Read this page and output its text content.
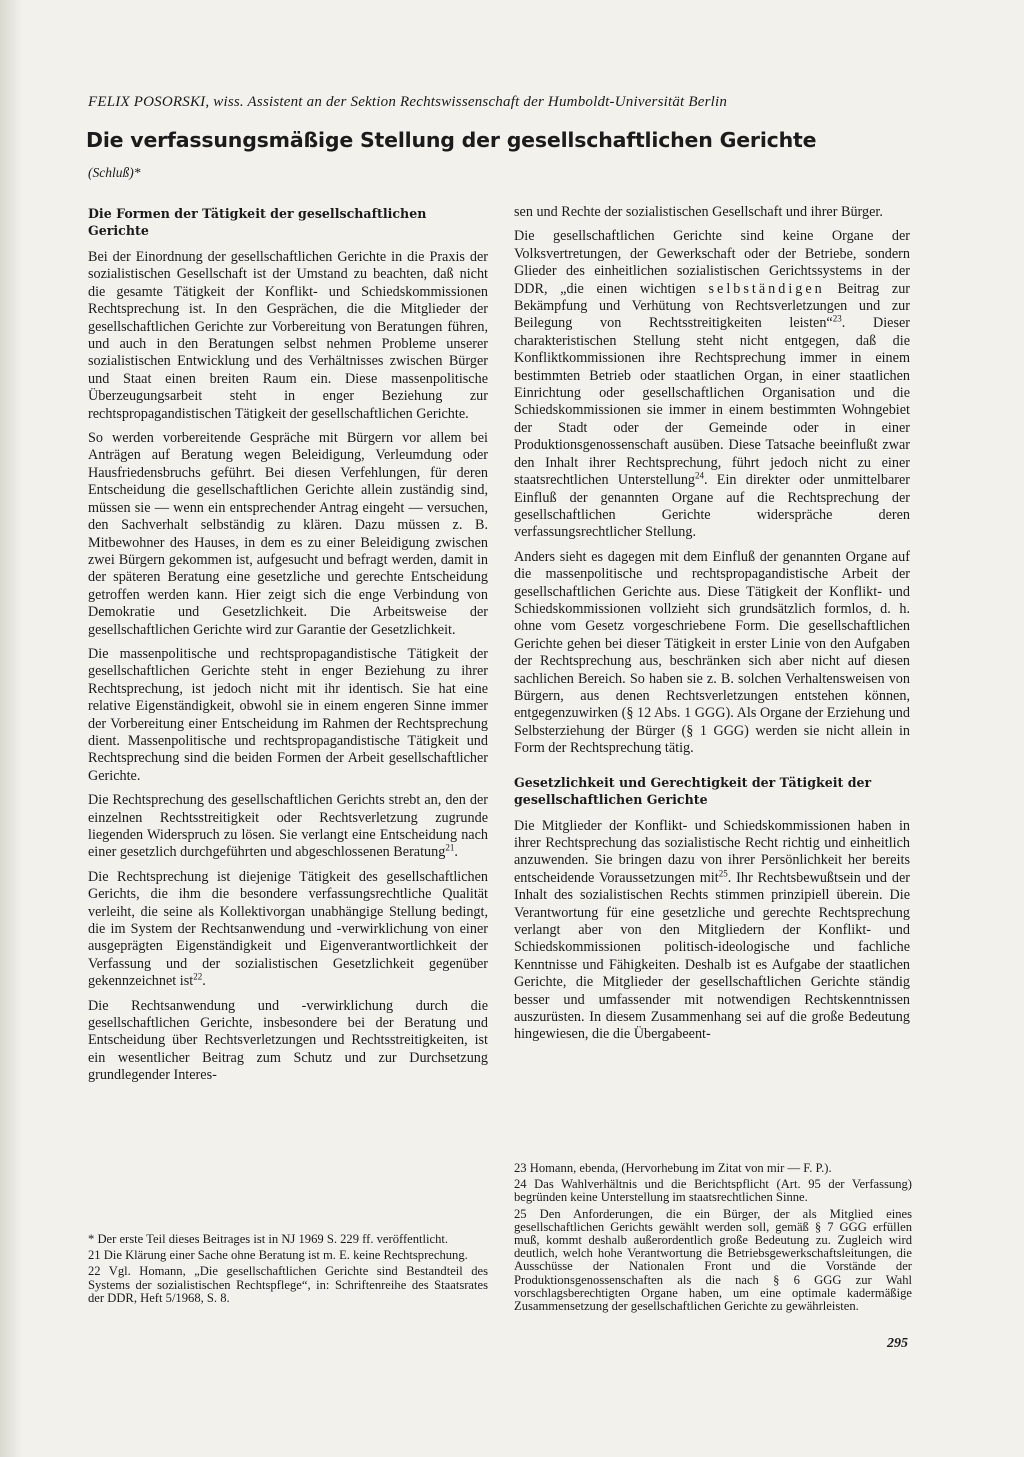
FELIX POSORSKI, wiss. Assistent an der Sektion Rechtswissenschaft der Humboldt-Universität Berlin
Die verfassungsmäßige Stellung der gesellschaftlichen Gerichte
(Schluß)*
Die Formen der Tätigkeit der gesellschaftlichen Gerichte

Bei der Einordnung der gesellschaftlichen Gerichte in die Praxis der sozialistischen Gesellschaft ist der Umstand zu beachten, daß nicht die gesamte Tätigkeit der Konflikt- und Schiedskommissionen Rechtsprechung ist. In den Gesprächen, die die Mitglieder der gesellschaftlichen Gerichte zur Vorbereitung von Beratungen führen, und auch in den Beratungen selbst nehmen Probleme unserer sozialistischen Entwicklung und des Verhältnisses zwischen Bürger und Staat einen breiten Raum ein. Diese massenpolitische Überzeugungsarbeit steht in enger Beziehung zur rechtspropagandistischen Tätigkeit der gesellschaftlichen Gerichte.

So werden vorbereitende Gespräche mit Bürgern vor allem bei Anträgen auf Beratung wegen Beleidigung, Verleumdung oder Hausfriedensbruchs geführt. Bei diesen Verfehlungen, für deren Entscheidung die gesellschaftlichen Gerichte allein zuständig sind, müssen sie — wenn ein entsprechender Antrag eingeht — versuchen, den Sachverhalt selbständig zu klären. Dazu müssen z. B. Mitbewohner des Hauses, in dem es zu einer Beleidigung zwischen zwei Bürgern gekommen ist, aufgesucht und befragt werden, damit in der späteren Beratung eine gesetzliche und gerechte Entscheidung getroffen werden kann. Hier zeigt sich die enge Verbindung von Demokratie und Gesetzlichkeit. Die Arbeitsweise der gesellschaftlichen Gerichte wird zur Garantie der Gesetzlichkeit.

Die massenpolitische und rechtspropagandistische Tätigkeit der gesellschaftlichen Gerichte steht in enger Beziehung zu ihrer Rechtsprechung, ist jedoch nicht mit ihr identisch. Sie hat eine relative Eigenständigkeit, obwohl sie in einem engeren Sinne immer der Vorbereitung einer Entscheidung im Rahmen der Rechtsprechung dient. Massenpolitische und rechtspropagandistische Tätigkeit und Rechtsprechung sind die beiden Formen der Arbeit gesellschaftlicher Gerichte.

Die Rechtsprechung des gesellschaftlichen Gerichts strebt an, den der einzelnen Rechtsstreitigkeit oder Rechtsverletzung zugrunde liegenden Widerspruch zu lösen. Sie verlangt eine Entscheidung nach einer gesetzlich durchgeführten und abgeschlossenen Beratung$^{21}$.

Die Rechtsprechung ist diejenige Tätigkeit des gesellschaftlichen Gerichts, die ihm die besondere verfassungsrechtliche Qualität verleiht, die seine als Kollektivorgan unabhängige Stellung bedingt, die im System der Rechtsanwendung und -verwirklichung von einer ausgeprägten Eigenständigkeit und Eigenverantwortlichkeit der Verfassung und der sozialistischen Gesetzlichkeit gegenüber gekennzeichnet ist$^{22}$.

Die Rechtsanwendung und -verwirklichung durch die gesellschaftlichen Gerichte, insbesondere bei der Beratung und Entscheidung über Rechtsverletzungen und Rechtsstreitigkeiten, ist ein wesentlicher Beitrag zum Schutz und zur Durchsetzung grundlegender Interes-

* Der erste Teil dieses Beitrages ist in NJ 1969 S. 229 ff. veröffentlicht.

21 Die Klärung einer Sache ohne Beratung ist m. E. keine Rechtsprechung.

22 Vgl. Homann, „Die gesellschaftlichen Gerichte sind Bestandteil des Systems der sozialistischen Rechtspflege“, in: Schriftenreihe des Staatsrates der DDR, Heft 5/1968, S. 8.

sen und Rechte der sozialistischen Gesellschaft und ihrer Bürger.

Die gesellschaftlichen Gerichte sind keine Organe der Volksvertretungen, der Gewerkschaft oder der Betriebe, sondern Glieder des einheitlichen sozialistischen Gerichtssystems in der DDR, „die einen wichtigen selbständigen Beitrag zur Bekämpfung und Verhütung von Rechtsverletzungen und zur Beilegung von Rechtsstreitigkeiten leisten“$^{23}$. Dieser charakteristischen Stellung steht nicht entgegen, daß die Konfliktkommissionen ihre Rechtsprechung immer in einem bestimmten Betrieb oder staatlichen Organ, in einer staatlichen Einrichtung oder gesellschaftlichen Organisation und die Schiedskommissionen sie immer in einem bestimmten Wohngebiet der Stadt oder der Gemeinde oder in einer Produktionsgenossenschaft ausüben. Diese Tatsache beeinflußt zwar den Inhalt ihrer Rechtsprechung, führt jedoch nicht zu einer staatsrechtlichen Unterstellung$^{24}$. Ein direkter oder unmittelbarer Einfluß der genannten Organe auf die Rechtsprechung der gesellschaftlichen Gerichte widerspräche deren verfassungsrechtlicher Stellung.

Anders sieht es dagegen mit dem Einfluß der genannten Organe auf die massenpolitische und rechtspropagandistische Arbeit der gesellschaftlichen Gerichte aus. Diese Tätigkeit der Konflikt- und Schiedskommissionen vollzieht sich grundsätzlich formlos, d. h. ohne vom Gesetz vorgeschriebene Form. Die gesellschaftlichen Gerichte gehen bei dieser Tätigkeit in erster Linie von den Aufgaben der Rechtsprechung aus, beschränken sich aber nicht auf diesen sachlichen Bereich. So haben sie z. B. solchen Verhaltensweisen von Bürgern, aus denen Rechtsverletzungen entstehen können, entgegenzuwirken (§ 12 Abs. 1 GGG). Als Organe der Erziehung und Selbsterziehung der Bürger (§ 1 GGG) werden sie nicht allein in Form der Rechtsprechung tätig.

Gesetzlichkeit und Gerechtigkeit der Tätigkeit der gesellschaftlichen Gerichte

Die Mitglieder der Konflikt- und Schiedskommissionen haben in ihrer Rechtsprechung das sozialistische Recht richtig und einheitlich anzuwenden. Sie bringen dazu von ihrer Persönlichkeit her bereits entscheidende Voraussetzungen mit$^{25}$. Ihr Rechtsbewußtsein und der Inhalt des sozialistischen Rechts stimmen prinzipiell überein. Die Verantwortung für eine gesetzliche und gerechte Rechtsprechung verlangt aber von den Mitgliedern der Konflikt- und Schiedskommissionen politisch-ideologische und fachliche Kenntnisse und Fähigkeiten. Deshalb ist es Aufgabe der staatlichen Gerichte, die Mitglieder der gesellschaftlichen Gerichte ständig besser und umfassender mit notwendigen Rechtskenntnissen auszurüsten. In diesem Zusammenhang sei auf die große Bedeutung hingewiesen, die die Übergabeent-

23 Homann, ebenda, (Hervorhebung im Zitat von mir — F. P.).

24 Das Wahlverhältnis und die Berichtspflicht (Art. 95 der Verfassung) begründen keine Unterstellung im staatsrechtlichen Sinne.

25 Den Anforderungen, die ein Bürger, der als Mitglied eines gesellschaftlichen Gerichts gewählt werden soll, gemäß § 7 GGG erfüllen muß, kommt deshalb außerordentlich große Bedeutung zu. Zugleich wird deutlich, welch hohe Verantwortung die Betriebsgewerkschaftsleitungen, die Ausschüsse der Nationalen Front und die Vorstände der Produktionsgenossenschaften als die nach § 6 GGG zur Wahl vorschlagsberechtigten Organe haben, um eine optimale kadermäßige Zusammensetzung der gesellschaftlichen Gerichte zu gewährleisten.

295
